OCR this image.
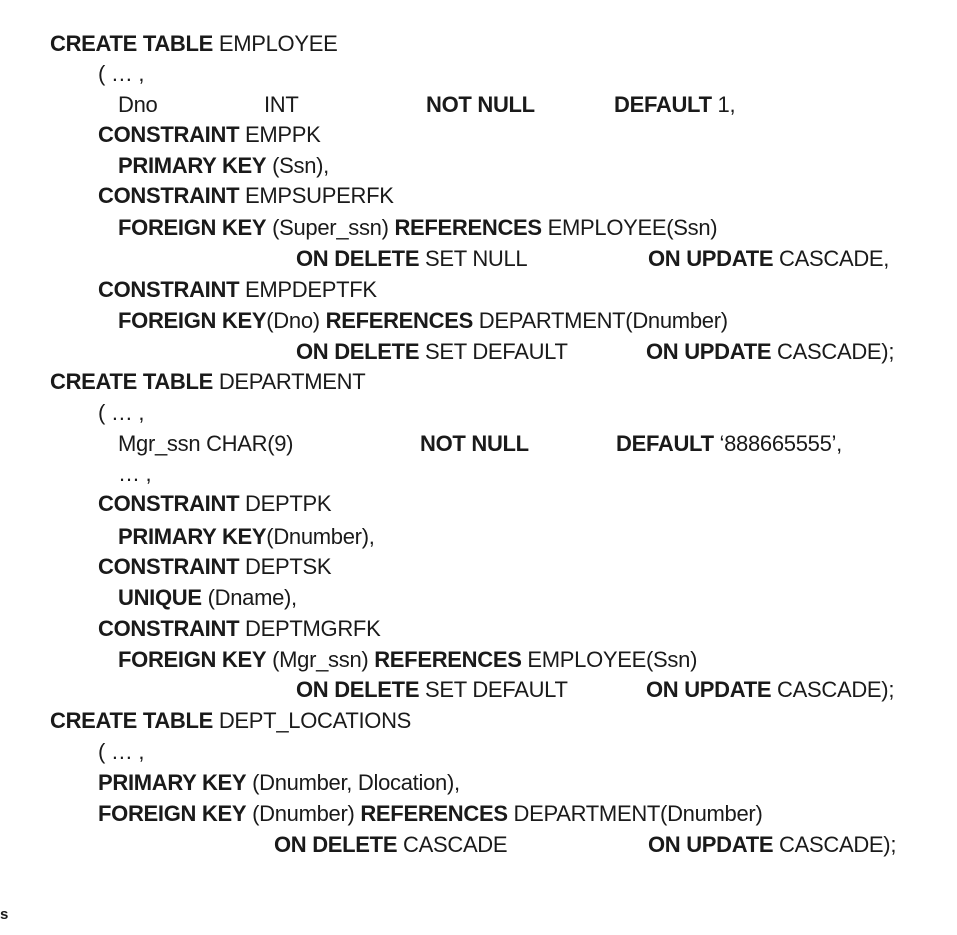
CREATE TABLE EMPLOYEE
( … ,
Dno	INT	NOT NULL	DEFAULT 1,
CONSTRAINT EMPPK
PRIMARY KEY (Ssn),
CONSTRAINT EMPSUPERFK
FOREIGN KEY (Super_ssn) REFERENCES EMPLOYEE(Ssn)
ON DELETE SET NULL	ON UPDATE CASCADE,
CONSTRAINT EMPDEPTFK
FOREIGN KEY(Dno) REFERENCES DEPARTMENT(Dnumber)
ON DELETE SET DEFAULT	ON UPDATE CASCADE);
CREATE TABLE DEPARTMENT
( … ,
Mgr_ssn CHAR(9)	NOT NULL	DEFAULT ‘888665555’,
… ,
CONSTRAINT DEPTPK
PRIMARY KEY(Dnumber),
CONSTRAINT DEPTSK
UNIQUE (Dname),
CONSTRAINT DEPTMGRFK
FOREIGN KEY (Mgr_ssn) REFERENCES EMPLOYEE(Ssn)
ON DELETE SET DEFAULT	ON UPDATE CASCADE);
CREATE TABLE DEPT_LOCATIONS
( … ,
PRIMARY KEY (Dnumber, Dlocation),
FOREIGN KEY (Dnumber) REFERENCES DEPARTMENT(Dnumber)
ON DELETE CASCADE	ON UPDATE CASCADE);
s
